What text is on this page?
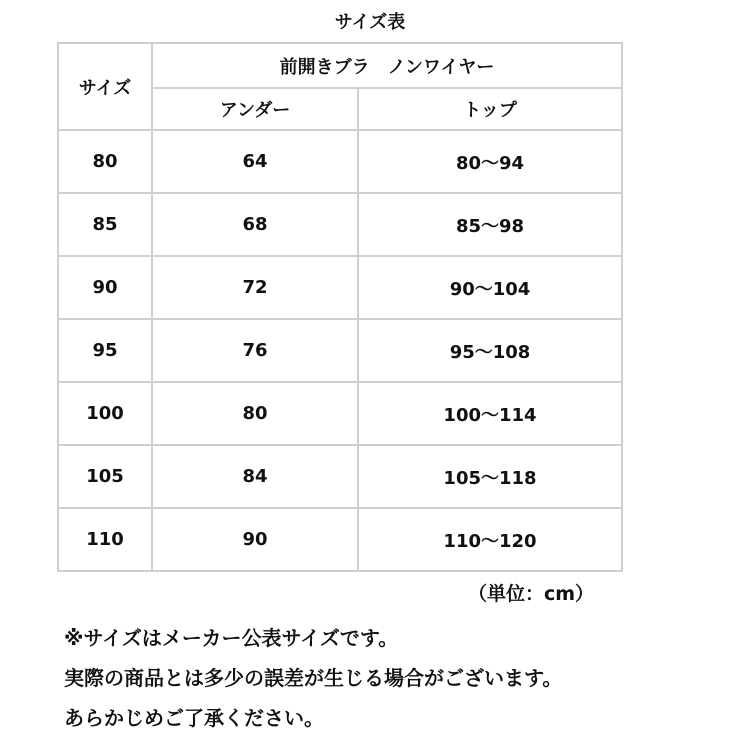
サイズ表
サイズ	前開きブラ　ノンワイヤー	
	アンダー	トップ
80	64	80～94
85	68	85～98
90	72	90～104
95	76	95～108
100	80	100～114
105	84	105～118
110	90	110～120
（単位：cm）
※サイズはメーカー公表サイズです。
実際の商品とは多少の誤差が生じる場合がございます。
あらかじめご了承ください。
